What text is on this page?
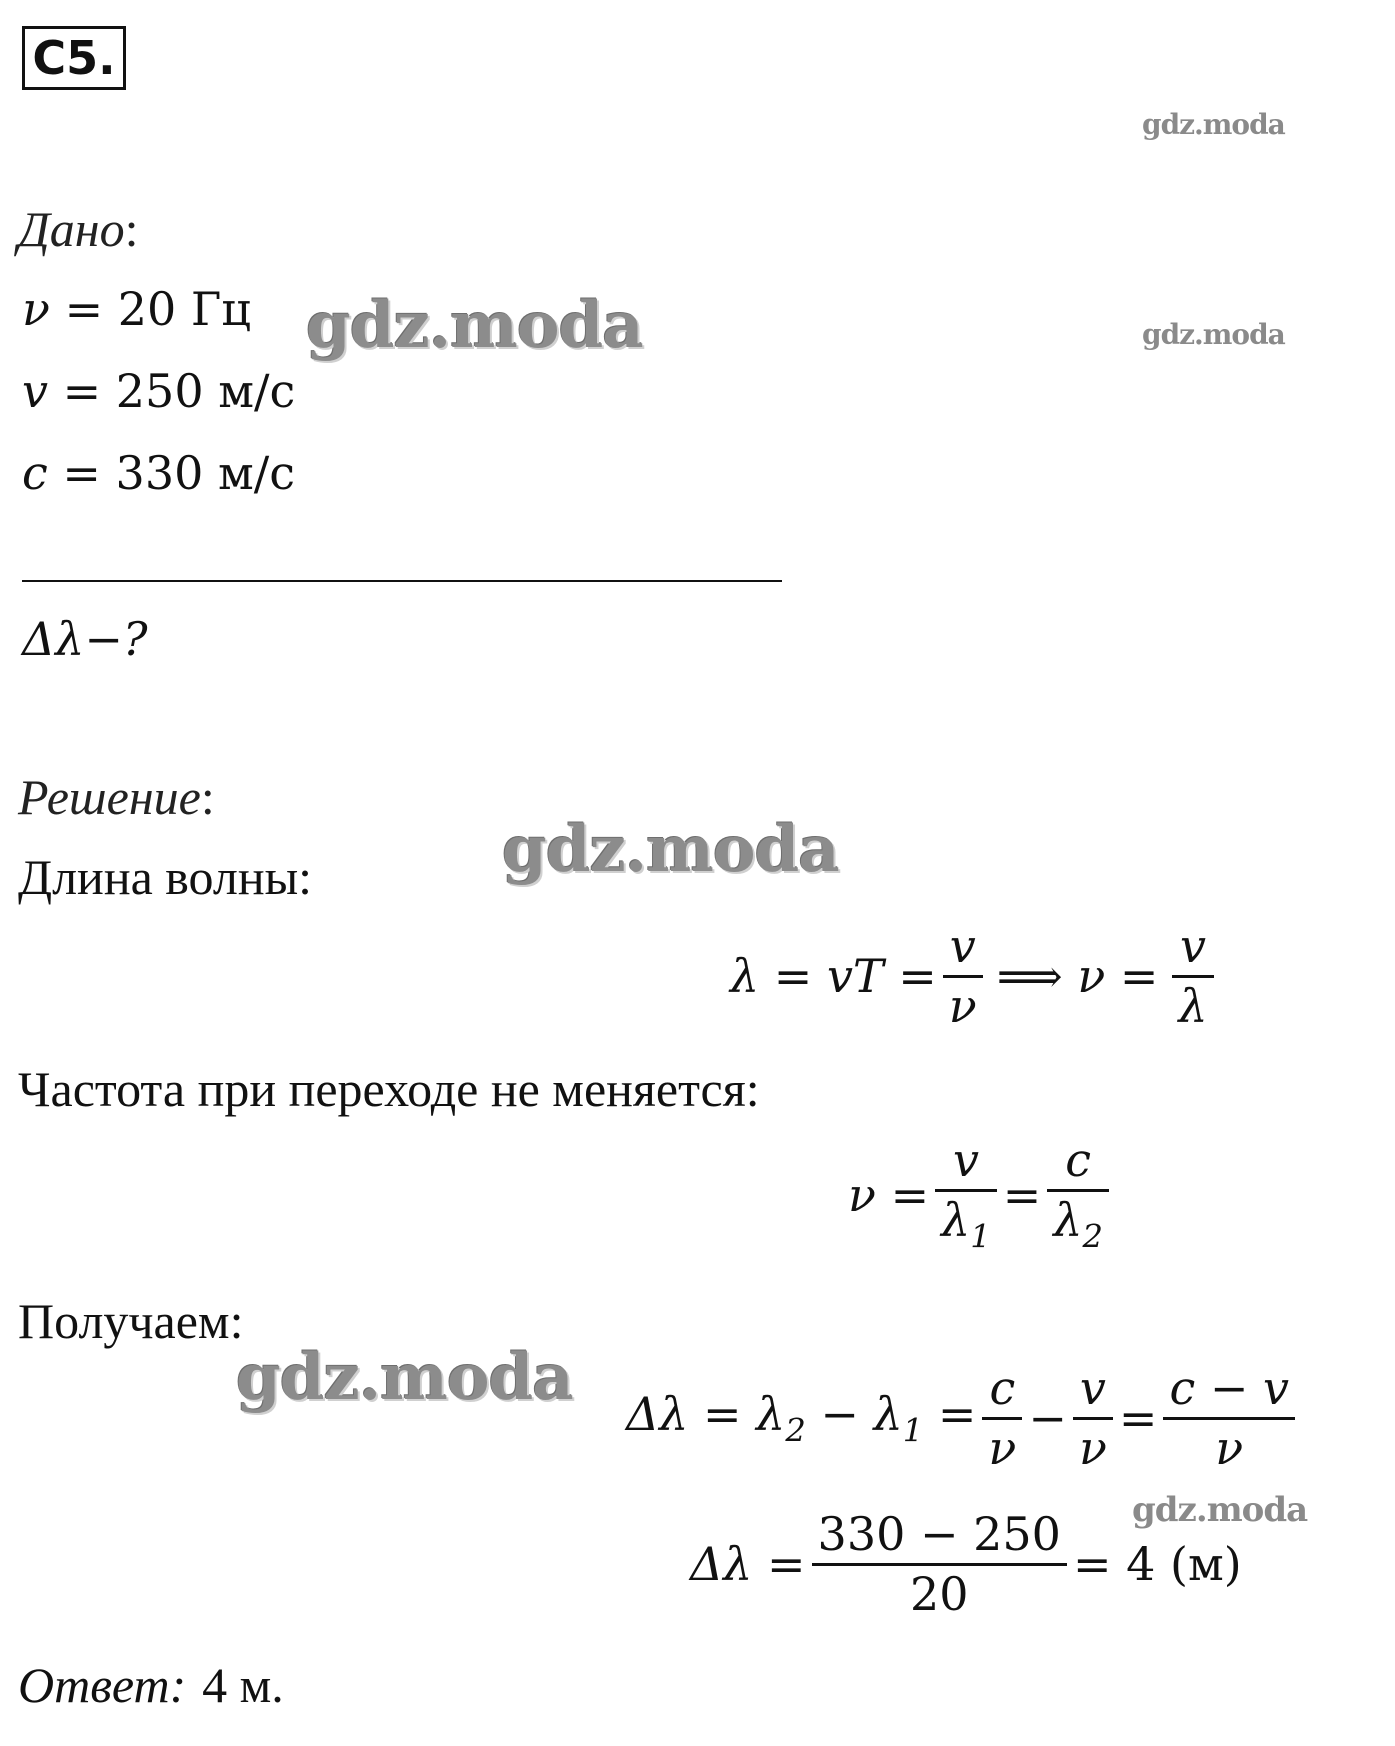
C5.
gdz.moda
gdz.moda
gdz.moda
gdz.moda
gdz.moda
gdz.moda
Дано:
ν = 20 Гц
v = 250 м/с
c = 330 м/с
Δλ−?
Решение:
Длина волны:
λ = vT = $\frac{v}{\nu}$ ⟹ $\nu = \frac{v}{\lambda}$
Частота при переходе не меняется:
$\nu = \frac{v}{\lambda_1} = \frac{c}{\lambda_2}$
Получаем:
$\Delta\lambda = \lambda_2 - \lambda_1 = \frac{c}{\nu} - \frac{v}{\nu} = \frac{c - v}{\nu}$
$\Delta\lambda = \frac{330 - 250}{20} = 4$ (м)
Ответ: 4 м.
